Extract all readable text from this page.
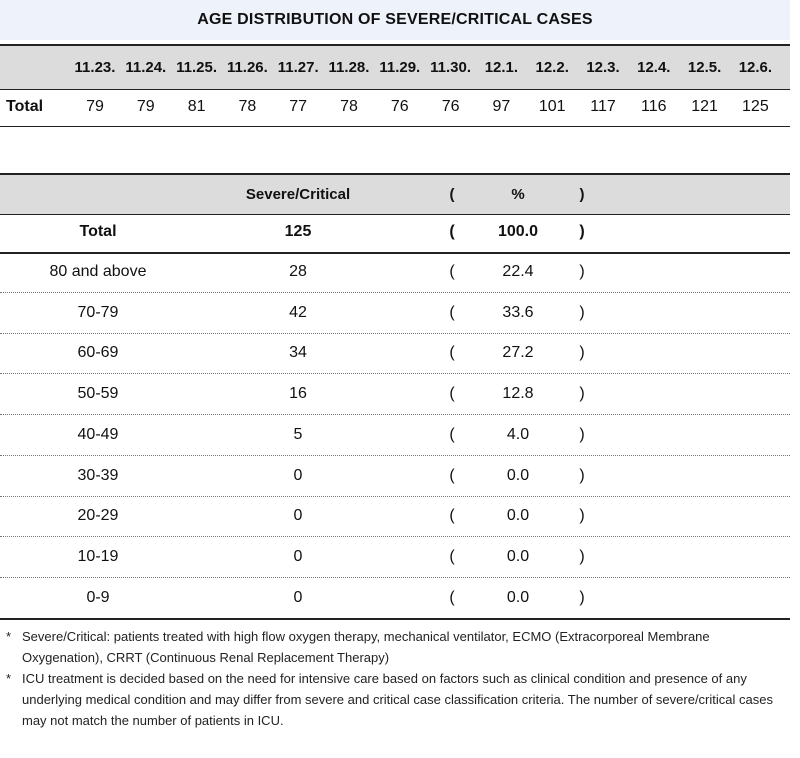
AGE DISTRIBUTION OF SEVERE/CRITICAL CASES
11.23. 11.24. 11.25. 11.26. 11.27. 11.28. 11.29. 11.30. 12.1.	12.2.	12.3.	12.4.	12.5.	12.6.
Total	79	79	81	78	77	78	76	76	97	101	117	116	121	125
Severe/Critical	(	%	)
Total	125	(	100.0	)
80 and above	28	(	22.4	)
70-79	42	(	33.6	)
60-69	34	(	27.2	)
50-59	16	(	12.8	)
40-49	5	(	4.0	)
30-39	0	(	0.0	)
20-29	0	(	0.0	)
10-19	0	(	0.0	)
0-9	0	(	0.0	)
* Severe/Critical: patients treated with high flow oxygen therapy, mechanical ventilator, ECMO (Extracorporeal Membrane Oxygenation), CRRT (Continuous Renal Replacement Therapy)
* ICU treatment is decided based on the need for intensive care based on factors such as clinical condition and presence of any underlying medical condition and may differ from severe and critical case classification criteria. The number of severe/critical cases may not match the number of patients in ICU.
